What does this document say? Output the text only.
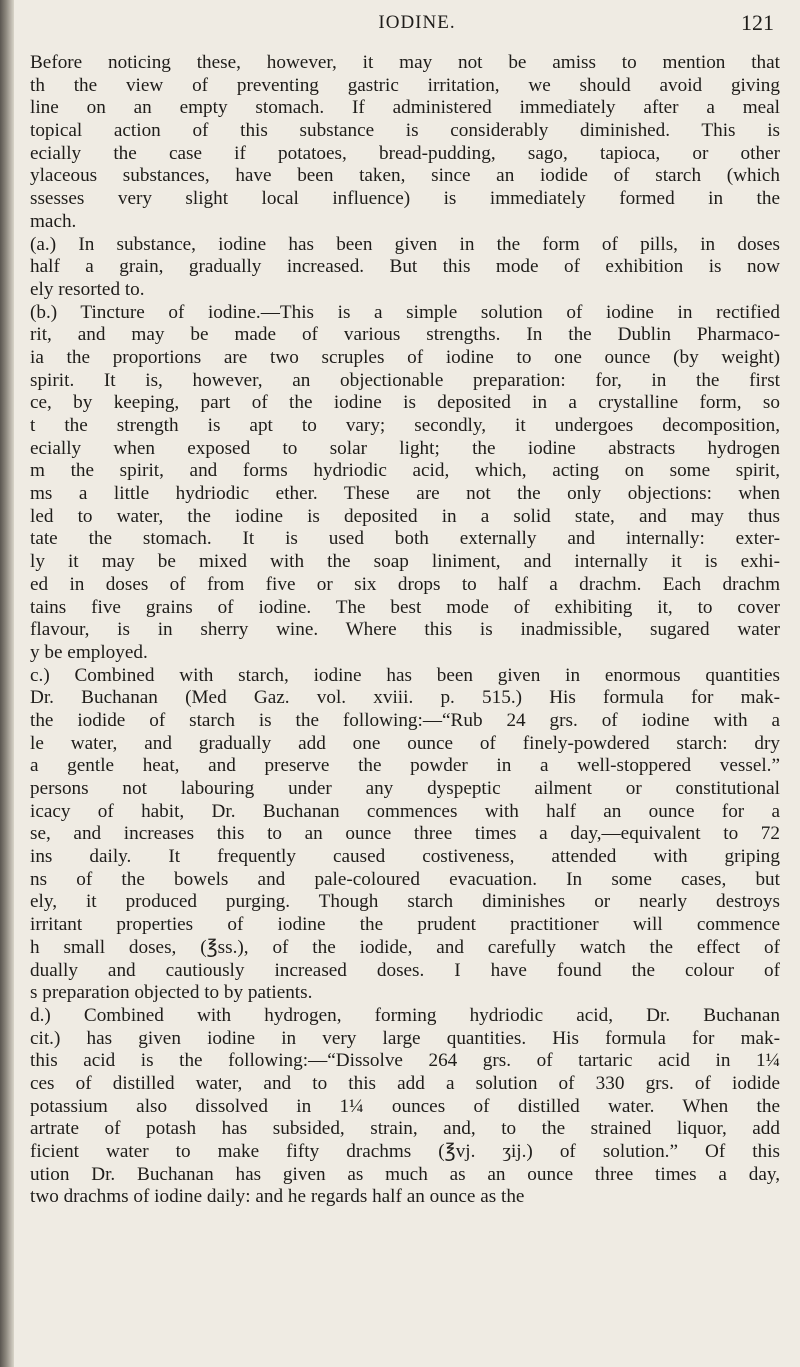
IODINE.	121
Before noticing these, however, it may not be amiss to mention that
th the view of preventing gastric irritation, we should avoid giving
line on an empty stomach. If administered immediately after a meal
topical action of this substance is considerably diminished. This is
ecially the case if potatoes, bread-pudding, sago, tapioca, or other
ylaceous substances, have been taken, since an iodide of starch (which
ssesses very slight local influence) is immediately formed in the
mach.
(a.) In substance, iodine has been given in the form of pills, in doses
half a grain, gradually increased. But this mode of exhibition is now
ely resorted to.
(b.) Tincture of iodine.—This is a simple solution of iodine in rectified
rit, and may be made of various strengths. In the Dublin Pharmaco-
ia the proportions are two scruples of iodine to one ounce (by weight)
spirit. It is, however, an objectionable preparation: for, in the first
ce, by keeping, part of the iodine is deposited in a crystalline form, so
t the strength is apt to vary; secondly, it undergoes decomposition,
ecially when exposed to solar light; the iodine abstracts hydrogen
m the spirit, and forms hydriodic acid, which, acting on some spirit,
ms a little hydriodic ether. These are not the only objections: when
led to water, the iodine is deposited in a solid state, and may thus
tate the stomach. It is used both externally and internally: exter-
ly it may be mixed with the soap liniment, and internally it is exhi-
ed in doses of from five or six drops to half a drachm. Each drachm
tains five grains of iodine. The best mode of exhibiting it, to cover
flavour, is in sherry wine. Where this is inadmissible, sugared water
y be employed.
c.) Combined with starch, iodine has been given in enormous quantities
Dr. Buchanan (Med Gaz. vol. xviii. p. 515.) His formula for mak-
the iodide of starch is the following:—“Rub 24 grs. of iodine with a
le water, and gradually add one ounce of finely-powdered starch: dry
a gentle heat, and preserve the powder in a well-stoppered vessel.”
persons not labouring under any dyspeptic ailment or constitutional
icacy of habit, Dr. Buchanan commences with half an ounce for a
se, and increases this to an ounce three times a day,—equivalent to 72
ins daily. It frequently caused costiveness, attended with griping
ns of the bowels and pale-coloured evacuation. In some cases, but
ely, it produced purging. Though starch diminishes or nearly destroys
irritant properties of iodine the prudent practitioner will commence
h small doses, (℥ss.), of the iodide, and carefully watch the effect of
dually and cautiously increased doses. I have found the colour of
s preparation objected to by patients.
d.) Combined with hydrogen, forming hydriodic acid, Dr. Buchanan
cit.) has given iodine in very large quantities. His formula for mak-
this acid is the following:—“Dissolve 264 grs. of tartaric acid in 1¼
ces of distilled water, and to this add a solution of 330 grs. of iodide
potassium also dissolved in 1¼ ounces of distilled water. When the
artrate of potash has subsided, strain, and, to the strained liquor, add
ficient water to make fifty drachms (℥vj. ʒij.) of solution.” Of this
ution Dr. Buchanan has given as much as an ounce three times a day,
two drachms of iodine daily: and he regards half an ounce as the
